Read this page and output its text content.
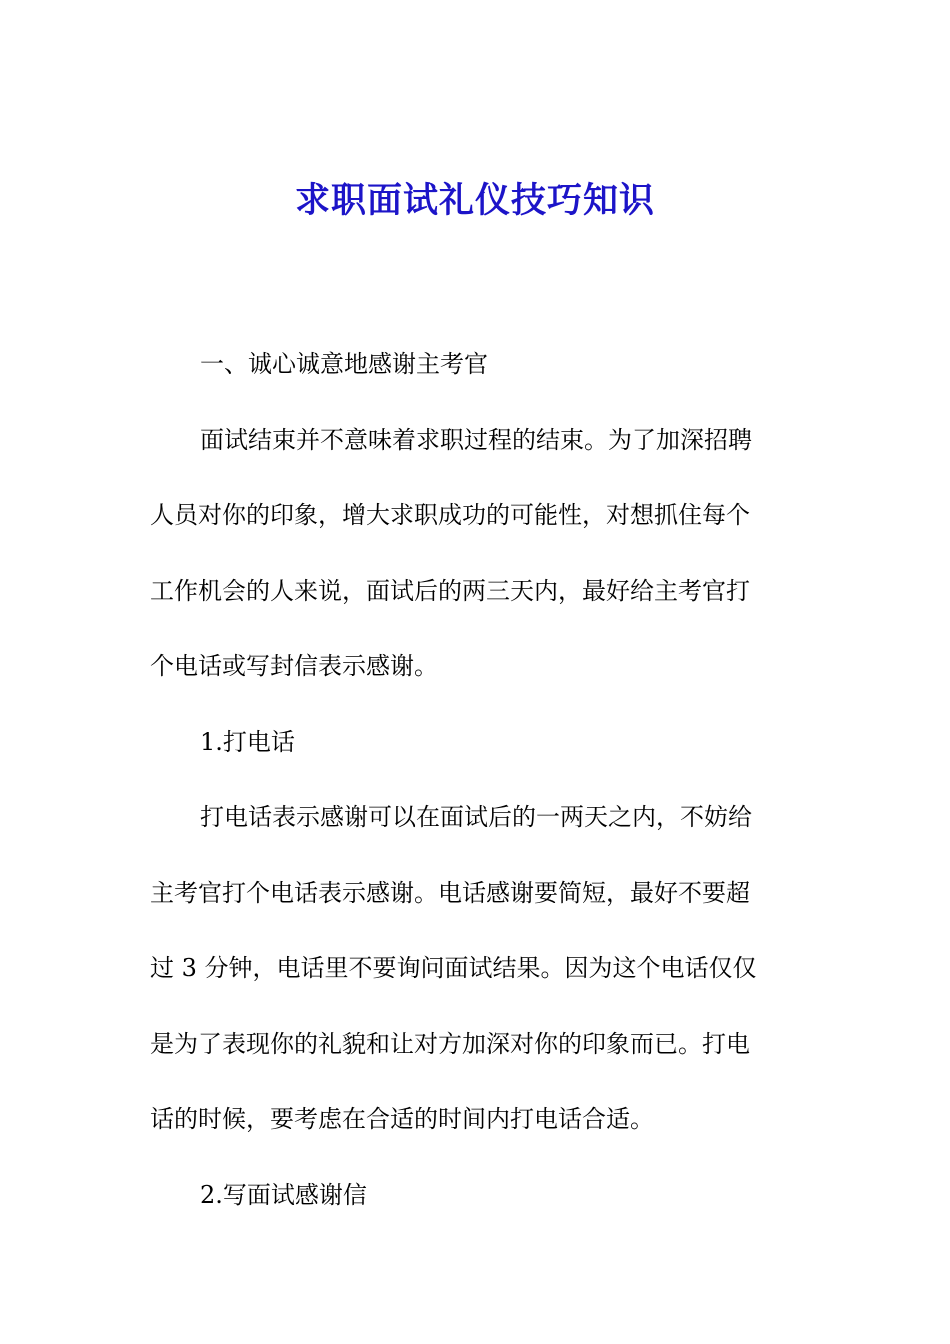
求职面试礼仪技巧知识
一、诚心诚意地感谢主考官
面试结束并不意味着求职过程的结束。为了加深招聘
人员对你的印象，增大求职成功的可能性，对想抓住每个
工作机会的人来说，面试后的两三天内，最好给主考官打
个电话或写封信表示感谢。
1.打电话
打电话表示感谢可以在面试后的一两天之内，不妨给
主考官打个电话表示感谢。电话感谢要简短，最好不要超
过 3 分钟，电话里不要询问面试结果。因为这个电话仅仅
是为了表现你的礼貌和让对方加深对你的印象而已。打电
话的时候，要考虑在合适的时间内打电话合适。
2.写面试感谢信
